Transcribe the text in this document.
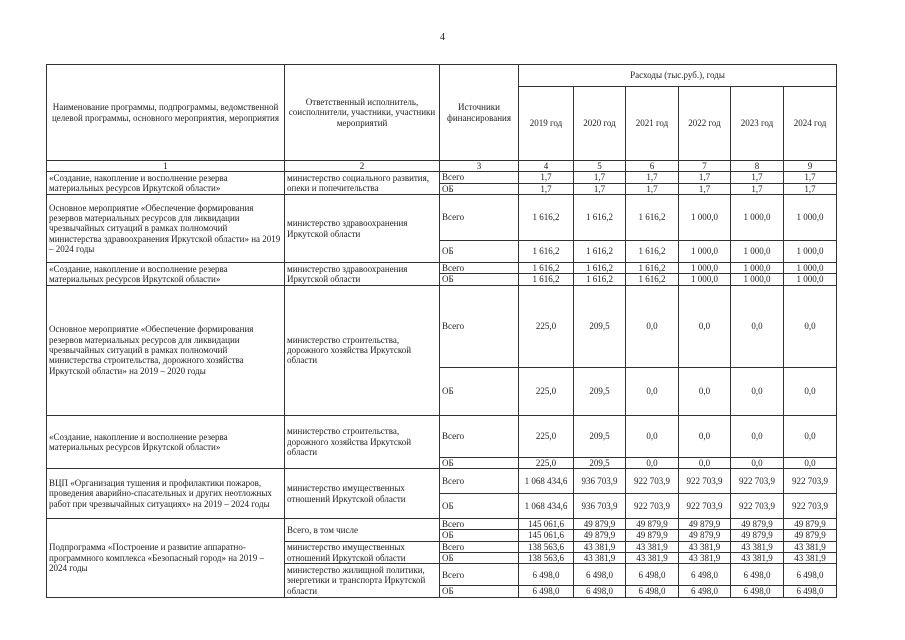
4
Наименование программы, подпрограммы, ведомственной целевой программы, основного мероприятия, мероприятия	Ответственный исполнитель, соисполнители, участники, участники мероприятий	Источники финансирования	Расходы (тыс.руб.), годы					
			2019 год	2020 год	2021 год	2022 год	2023 год	2024 год
1	2	3	4	5	6	7	8	9
«Создание, накопление и восполнение резерва материальных ресурсов Иркутской области»	министерство социального развития, опеки и попечительства	Всего	1,7	1,7	1,7	1,7	1,7	1,7
		ОБ	1,7	1,7	1,7	1,7	1,7	1,7
Основное мероприятие «Обеспечение формирования резервов материальных ресурсов для ликвидации чрезвычайных ситуаций в рамках полномочий министерства здравоохранения Иркутской области» на 2019 – 2024 годы	министерство здравоохранения Иркутской области	Всего	1 616,2	1 616,2	1 616,2	1 000,0	1 000,0	1 000,0
		ОБ	1 616,2	1 616,2	1 616,2	1 000,0	1 000,0	1 000,0
«Создание, накопление и восполнение резерва материальных ресурсов Иркутской области»	министерство здравоохранения Иркутской области	Всего	1 616,2	1 616,2	1 616,2	1 000,0	1 000,0	1 000,0
		ОБ	1 616,2	1 616,2	1 616,2	1 000,0	1 000,0	1 000,0
Основное мероприятие «Обеспечение формирования резервов материальных ресурсов для ликвидации чрезвычайных ситуаций в рамках полномочий министерства строительства, дорожного хозяйства Иркутской области» на 2019 – 2020 годы	министерство строительства, дорожного хозяйства Иркутской области	Всего	225,0	209,5	0,0	0,0	0,0	0,0
		ОБ	225,0	209,5	0,0	0,0	0,0	0,0
«Создание, накопление и восполнение резерва материальных ресурсов Иркутской области»	министерство строительства, дорожного хозяйства Иркутской области	Всего	225,0	209,5	0,0	0,0	0,0	0,0
		ОБ	225,0	209,5	0,0	0,0	0,0	0,0
ВЦП «Организация тушения и профилактики пожаров, проведения аварийно-спасательных и других неотложных работ при чрезвычайных ситуациях» на 2019 – 2024 годы	министерство имущественных отношений Иркутской области	Всего	1 068 434,6	936 703,9	922 703,9	922 703,9	922 703,9	922 703,9
		ОБ	1 068 434,6	936 703,9	922 703,9	922 703,9	922 703,9	922 703,9
Подпрограмма «Построение и развитие аппаратно-программного комплекса «Безопасный город» на 2019 – 2024 годы	Всего, в том числе	Всего	145 061,6	49 879,9	49 879,9	49 879,9	49 879,9	49 879,9
		ОБ	145 061,6	49 879,9	49 879,9	49 879,9	49 879,9	49 879,9
	министерство имущественных отношений Иркутской области	Всего	138 563,6	43 381,9	43 381,9	43 381,9	43 381,9	43 381,9
		ОБ	138 563,6	43 381,9	43 381,9	43 381,9	43 381,9	43 381,9
	министерство жилищной политики, энергетики и транспорта Иркутской области	Всего	6 498,0	6 498,0	6 498,0	6 498,0	6 498,0	6 498,0
		ОБ	6 498,0	6 498,0	6 498,0	6 498,0	6 498,0	6 498,0
